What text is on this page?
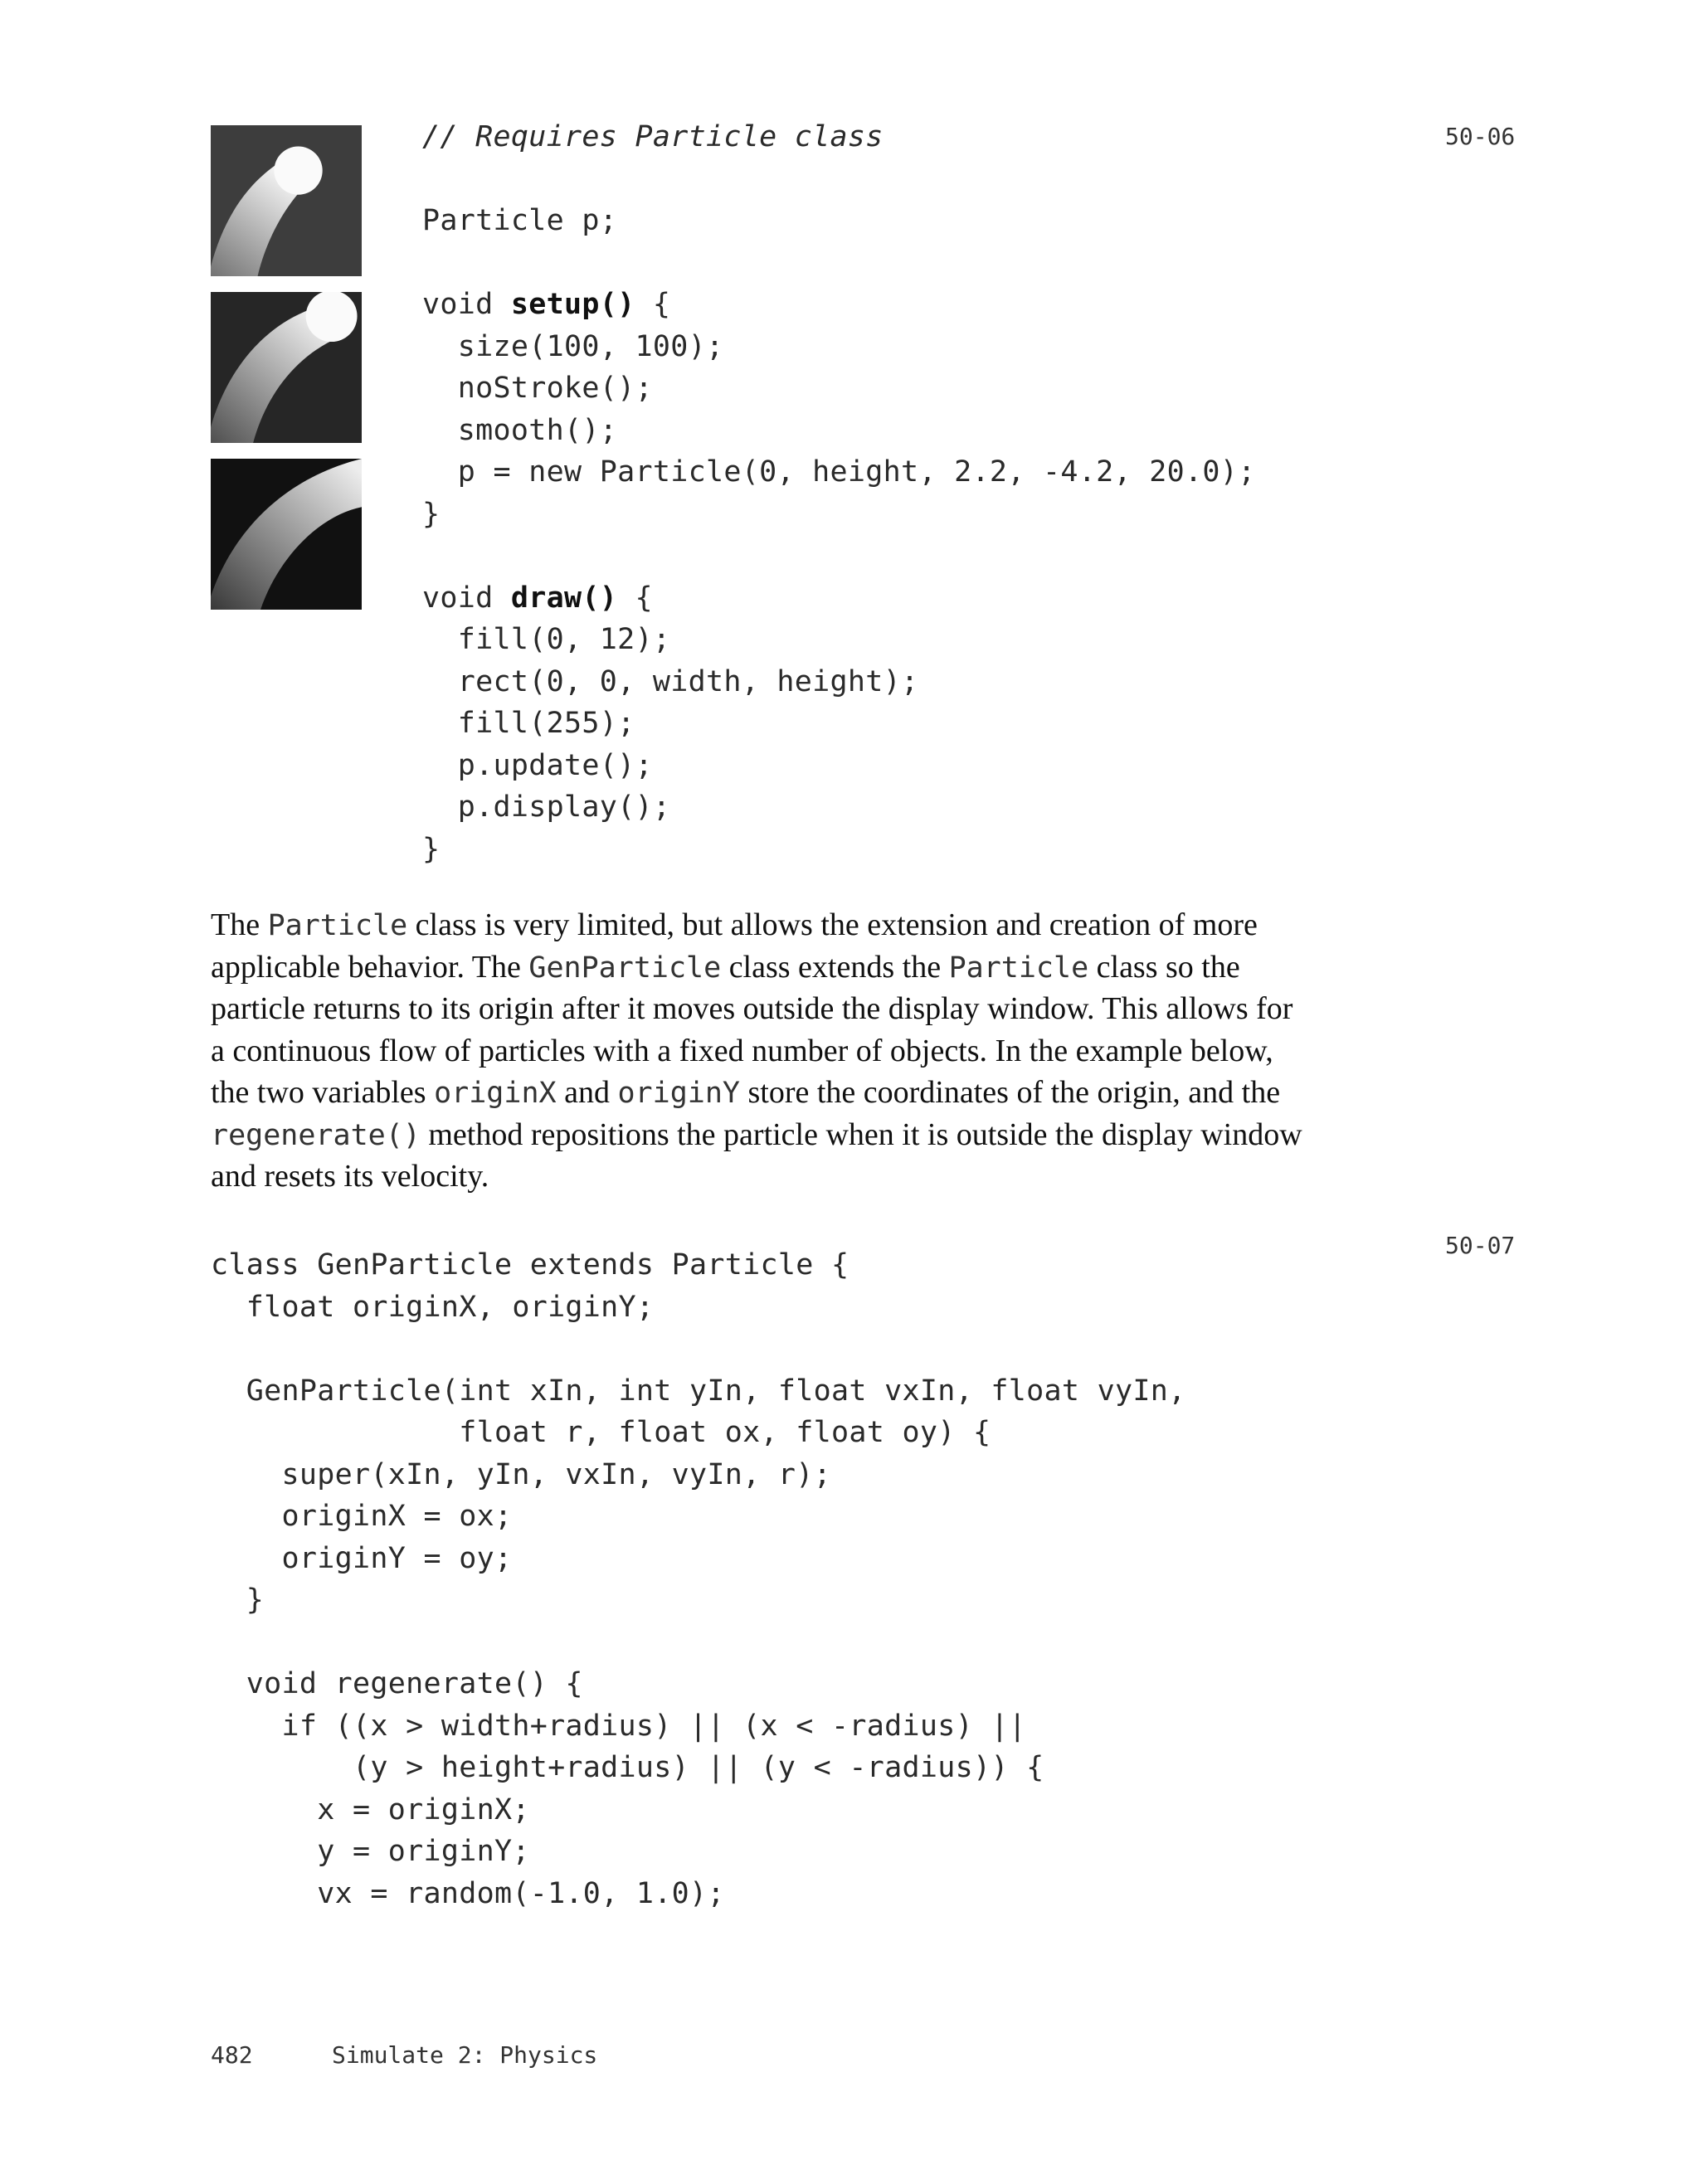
50-06
// Requires Particle class
Particle p;
void setup() {
size(100, 100);
noStroke();
smooth();
p = new Particle(0, height, 2.2, -4.2, 20.0);
}
void draw() {
fill(0, 12);
rect(0, 0, width, height);
fill(255);
p.update();
p.display();
}
The Particle class is very limited, but allows the extension and creation of more
applicable behavior. The GenParticle class extends the Particle class so the
particle returns to its origin after it moves outside the display window. This allows for
a continuous flow of particles with a fixed number of objects. In the example below,
the two variables originX and originY store the coordinates of the origin, and the
regenerate() method repositions the particle when it is outside the display window
and resets its velocity.
50-07
class GenParticle extends Particle {
float originX, originY;
GenParticle(int xIn, int yIn, float vxIn, float vyIn,
float r, float ox, float oy) {
super(xIn, yIn, vxIn, vyIn, r);
originX = ox;
originY = oy;
}
void regenerate() {
if ((x > width+radius) || (x < -radius) ||
(y > height+radius) || (y < -radius)) {
x = originX;
y = originY;
vx = random(-1.0, 1.0);
482	Simulate 2: Physics
